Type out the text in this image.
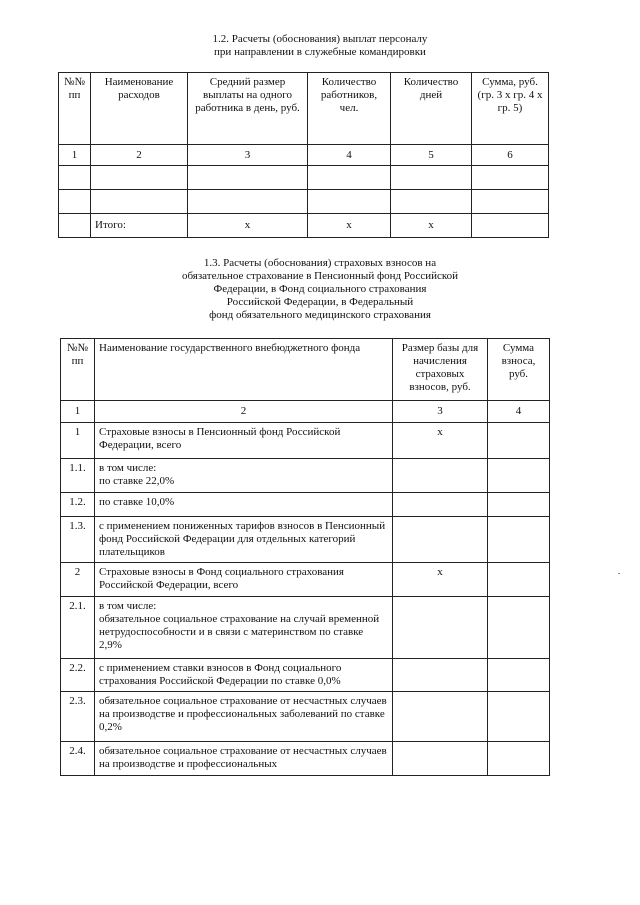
1.2. Расчеты (обоснования) выплат персоналу
при направлении в служебные командировки
№№ пп	Наименование расходов	Средний размер выплаты на одного работника в день, руб.	Количество работников, чел.	Количество дней	Сумма, руб. (гр. 3 х гр. 4 х гр. 5)
1	2	3	4	5	6

	Итого:	х	х	х	
1.3. Расчеты (обоснования) страховых взносов на
обязательное страхование в Пенсионный фонд Российской
Федерации, в Фонд социального страхования
Российской Федерации, в Федеральный
фонд обязательного медицинского страхования
№№ пп	Наименование государственного внебюджетного фонда	Размер базы для начисления страховых взносов, руб.	Сумма взноса, руб.
1	2	3	4
1	Страховые взносы в Пенсионный фонд Российской Федерации, всего	х	
1.1.	в том числе:
по ставке 22,0%		
1.2.	по ставке 10,0%		
1.3.	с применением пониженных тарифов взносов в Пенсионный фонд Российской Федерации для отдельных категорий плательщиков		
2	Страховые взносы в Фонд социального страхования Российской Федерации, всего	х	
2.1.	в том числе:
обязательное социальное страхование на случай временной нетрудоспособности и в связи с материнством по ставке 2,9%		
2.2.	с применением ставки взносов в Фонд социального страхования Российской Федерации по ставке 0,0%		
2.3.	обязательное социальное страхование от несчастных случаев на производстве и профессиональных заболеваний по ставке 0,2%		
2.4.	обязательное социальное страхование от несчастных случаев на производстве и профессиональных		
